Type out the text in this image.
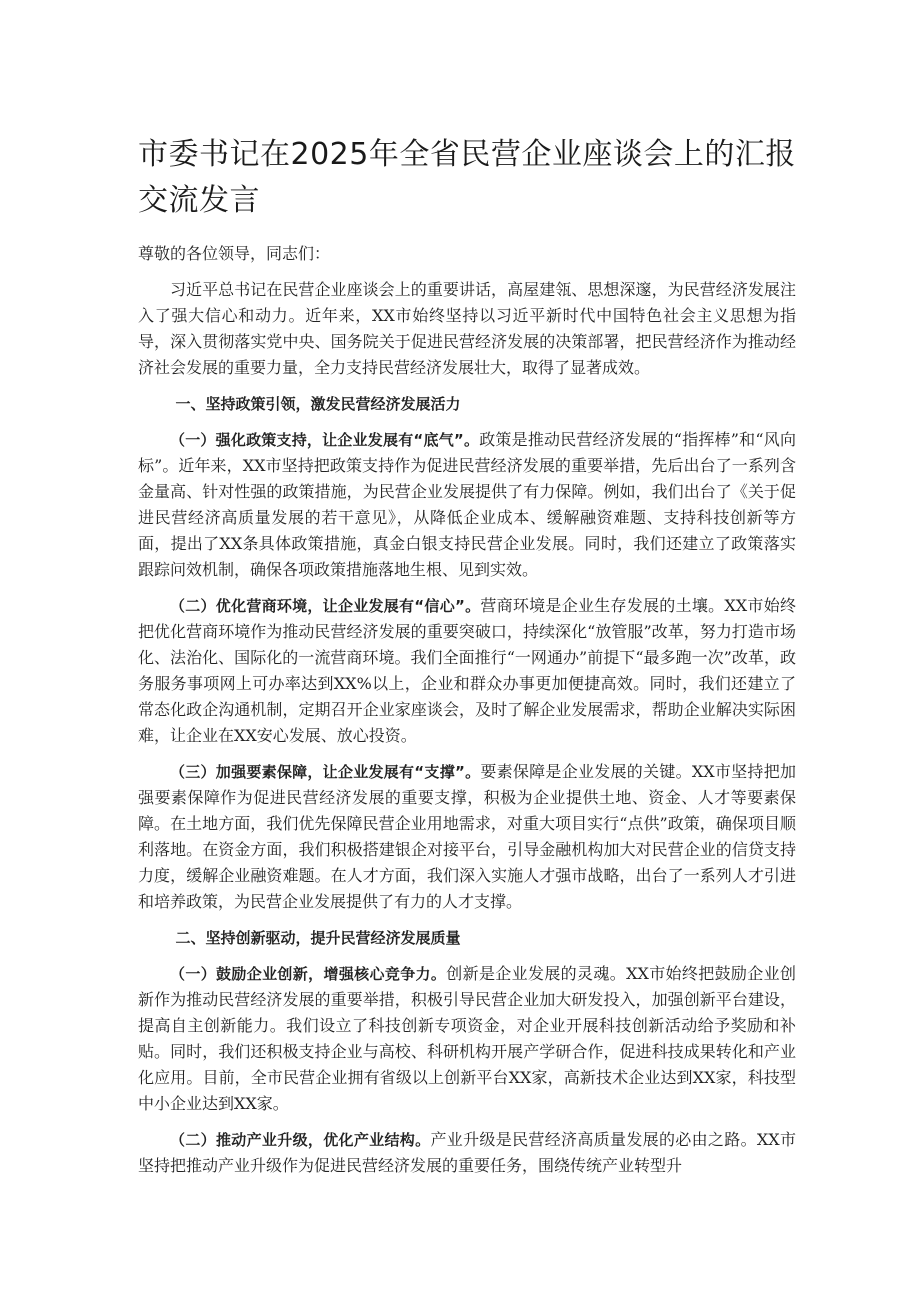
市委书记在2025年全省民营企业座谈会上的汇报交流发言

尊敬的各位领导，同志们：

习近平总书记在民营企业座谈会上的重要讲话，高屋建瓴、思想深邃，为民营经济发展注入了强大信心和动力。近年来，XX市始终坚持以习近平新时代中国特色社会主义思想为指导，深入贯彻落实党中央、国务院关于促进民营经济发展的决策部署，把民营经济作为推动经济社会发展的重要力量，全力支持民营经济发展壮大，取得了显著成效。

一、坚持政策引领，激发民营经济发展活力

（一）强化政策支持，让企业发展有“底气”。政策是推动民营经济发展的“指挥棒”和“风向标”。近年来，XX市坚持把政策支持作为促进民营经济发展的重要举措，先后出台了一系列含金量高、针对性强的政策措施，为民营企业发展提供了有力保障。例如，我们出台了《关于促进民营经济高质量发展的若干意见》，从降低企业成本、缓解融资难题、支持科技创新等方面，提出了XX条具体政策措施，真金白银支持民营企业发展。同时，我们还建立了政策落实跟踪问效机制，确保各项政策措施落地生根、见到实效。

（二）优化营商环境，让企业发展有“信心”。营商环境是企业生存发展的土壤。XX市始终把优化营商环境作为推动民营经济发展的重要突破口，持续深化“放管服”改革，努力打造市场化、法治化、国际化的一流营商环境。我们全面推行“一网通办”前提下“最多跑一次”改革，政务服务事项网上可办率达到XX%以上，企业和群众办事更加便捷高效。同时，我们还建立了常态化政企沟通机制，定期召开企业家座谈会，及时了解企业发展需求，帮助企业解决实际困难，让企业在XX安心发展、放心投资。

（三）加强要素保障，让企业发展有“支撑”。要素保障是企业发展的关键。XX市坚持把加强要素保障作为促进民营经济发展的重要支撑，积极为企业提供土地、资金、人才等要素保障。在土地方面，我们优先保障民营企业用地需求，对重大项目实行“点供”政策，确保项目顺利落地。在资金方面，我们积极搭建银企对接平台，引导金融机构加大对民营企业的信贷支持力度，缓解企业融资难题。在人才方面，我们深入实施人才强市战略，出台了一系列人才引进和培养政策，为民营企业发展提供了有力的人才支撑。

二、坚持创新驱动，提升民营经济发展质量

（一）鼓励企业创新，增强核心竞争力。创新是企业发展的灵魂。XX市始终把鼓励企业创新作为推动民营经济发展的重要举措，积极引导民营企业加大研发投入，加强创新平台建设，提高自主创新能力。我们设立了科技创新专项资金，对企业开展科技创新活动给予奖励和补贴。同时，我们还积极支持企业与高校、科研机构开展产学研合作，促进科技成果转化和产业化应用。目前，全市民营企业拥有省级以上创新平台XX家，高新技术企业达到XX家，科技型中小企业达到XX家。

（二）推动产业升级，优化产业结构。产业升级是民营经济高质量发展的必由之路。XX市坚持把推动产业升级作为促进民营经济发展的重要任务，围绕传统产业转型升
